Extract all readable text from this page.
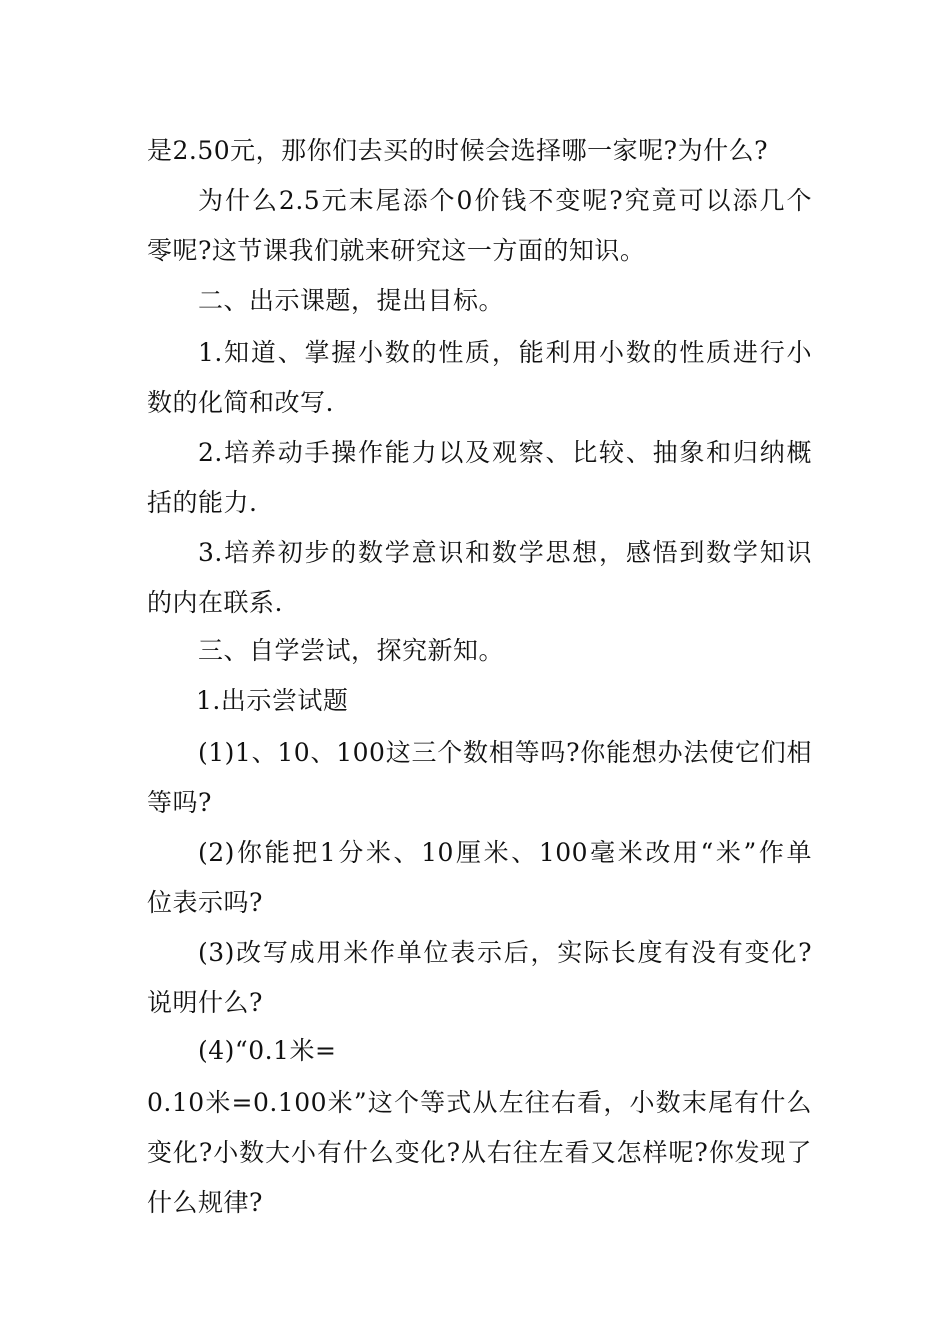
是2.50元，那你们去买的时候会选择哪一家呢?为什么?
为什么2.5元末尾添个0价钱不变呢?究竟可以添几个
零呢?这节课我们就来研究这一方面的知识。
二、出示课题，提出目标。
1.知道、掌握小数的性质，能利用小数的性质进行小
数的化简和改写.
2.培养动手操作能力以及观察、比较、抽象和归纳概
括的能力.
3.培养初步的数学意识和数学思想，感悟到数学知识
的内在联系.
三、自学尝试，探究新知。
1.出示尝试题
(1)1、10、100这三个数相等吗?你能想办法使它们相
等吗?
(2)你能把1分米、10厘米、100毫米改用“米”作单
位表示吗?
(3)改写成用米作单位表示后，实际长度有没有变化?
说明什么?
(4)“0.1米=
0.10米=0.100米”这个等式从左往右看，小数末尾有什么
变化?小数大小有什么变化?从右往左看又怎样呢?你发现了
什么规律?
